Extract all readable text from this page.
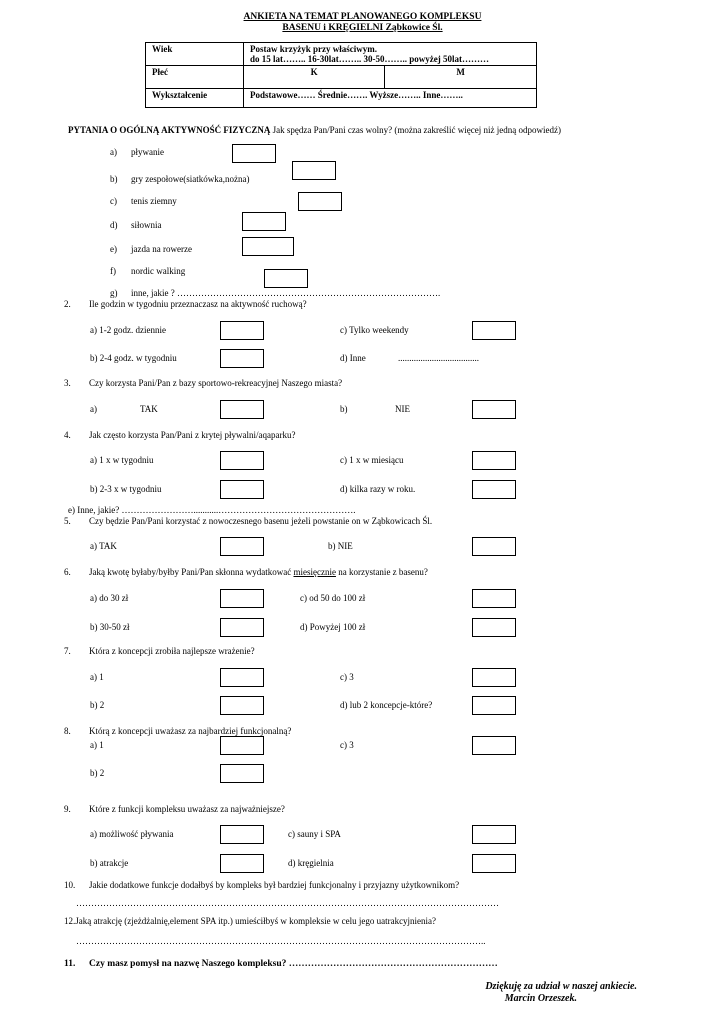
ANKIETA NA TEMAT PLANOWANEGO KOMPLEKSU
BASENU i KRĘGIELNI Ząbkowice Śl.
Wiek	Postaw krzyżyk przy właściwym.
do 15 lat…….. 16-30lat…….. 30-50…….. powyżej 50lat………	

Płeć	K	M
Wykształcenie	Podstawowe…… Średnie……. Wyższe…….. Inne……..	
PYTANIA O OGÓLNĄ AKTYWNOŚĆ FIZYCZNĄ Jak spędza Pan/Pani czas wolny? (można zakreślić więcej niż jedną odpowiedź)
a) pływanie
b) gry zespołowe(siatkówka,nożna)
c) tenis ziemny
d) siłownia
e) jazda na rowerze
f) nordic walking
g) inne, jakie ? …………………………………………………………………………….
2. Ile godzin w tygodniu przeznaczasz na aktywność ruchową?
a) 1-2 godz. dziennie	c) Tylko weekendy
b) 2-4 godz. w tygodniu	d) Inne	....................................
3. Czy korzysta Pani/Pan z bazy sportowo-rekreacyjnej Naszego miasta?
a)	TAK	b)	NIE
4. Jak często korzysta Pan/Pani z krytej pływalni/aqaparku?
a) 1 x w tygodniu	c) 1 x w miesiącu
b) 2-3 x w tygodniu	d) kilka razy w roku.
e) Inne, jakie? ……………………...........……………………………………….
5. Czy będzie Pan/Pani korzystać z nowoczesnego basenu jeżeli powstanie on w Ząbkowicach Śl.
a) TAK	b) NIE
6. Jaką kwotę byłaby/byłby Pani/Pan skłonna wydatkować miesięcznie na korzystanie z basenu?
a) do 30 zł	c) od 50 do 100 zł
b) 30-50 zł	d) Powyżej 100 zł
7. Która z koncepcji zrobiła najlepsze wrażenie?
a) 1	c) 3
b) 2	d) lub 2 koncepcje-które?
8. Którą z koncepcji uważasz za najbardziej funkcjonalną?
a) 1	c) 3
b) 2
9. Które z funkcji kompleksu uważasz za najważniejsze?
a) możliwość pływania	c) sauny i SPA
b) atrakcje	d) kręgielnia
10. Jakie dodatkowe funkcje dodałbyś by kompleks był bardziej funkcjonalny i przyjazny użytkownikom?
……………………………………………………………………………………………………………………………
12.Jaką atrakcję (zjeżdżalnię,element SPA itp.) umieściłbyś w kompleksie w celu jego uatrakcyjnienia?
………………………………………………………………………………………………………………………..
11. Czy masz pomysł na nazwę Naszego kompleksu? …………………………………………………………
Dziękuję za udział w naszej ankiecie.
Marcin Orzeszek.
